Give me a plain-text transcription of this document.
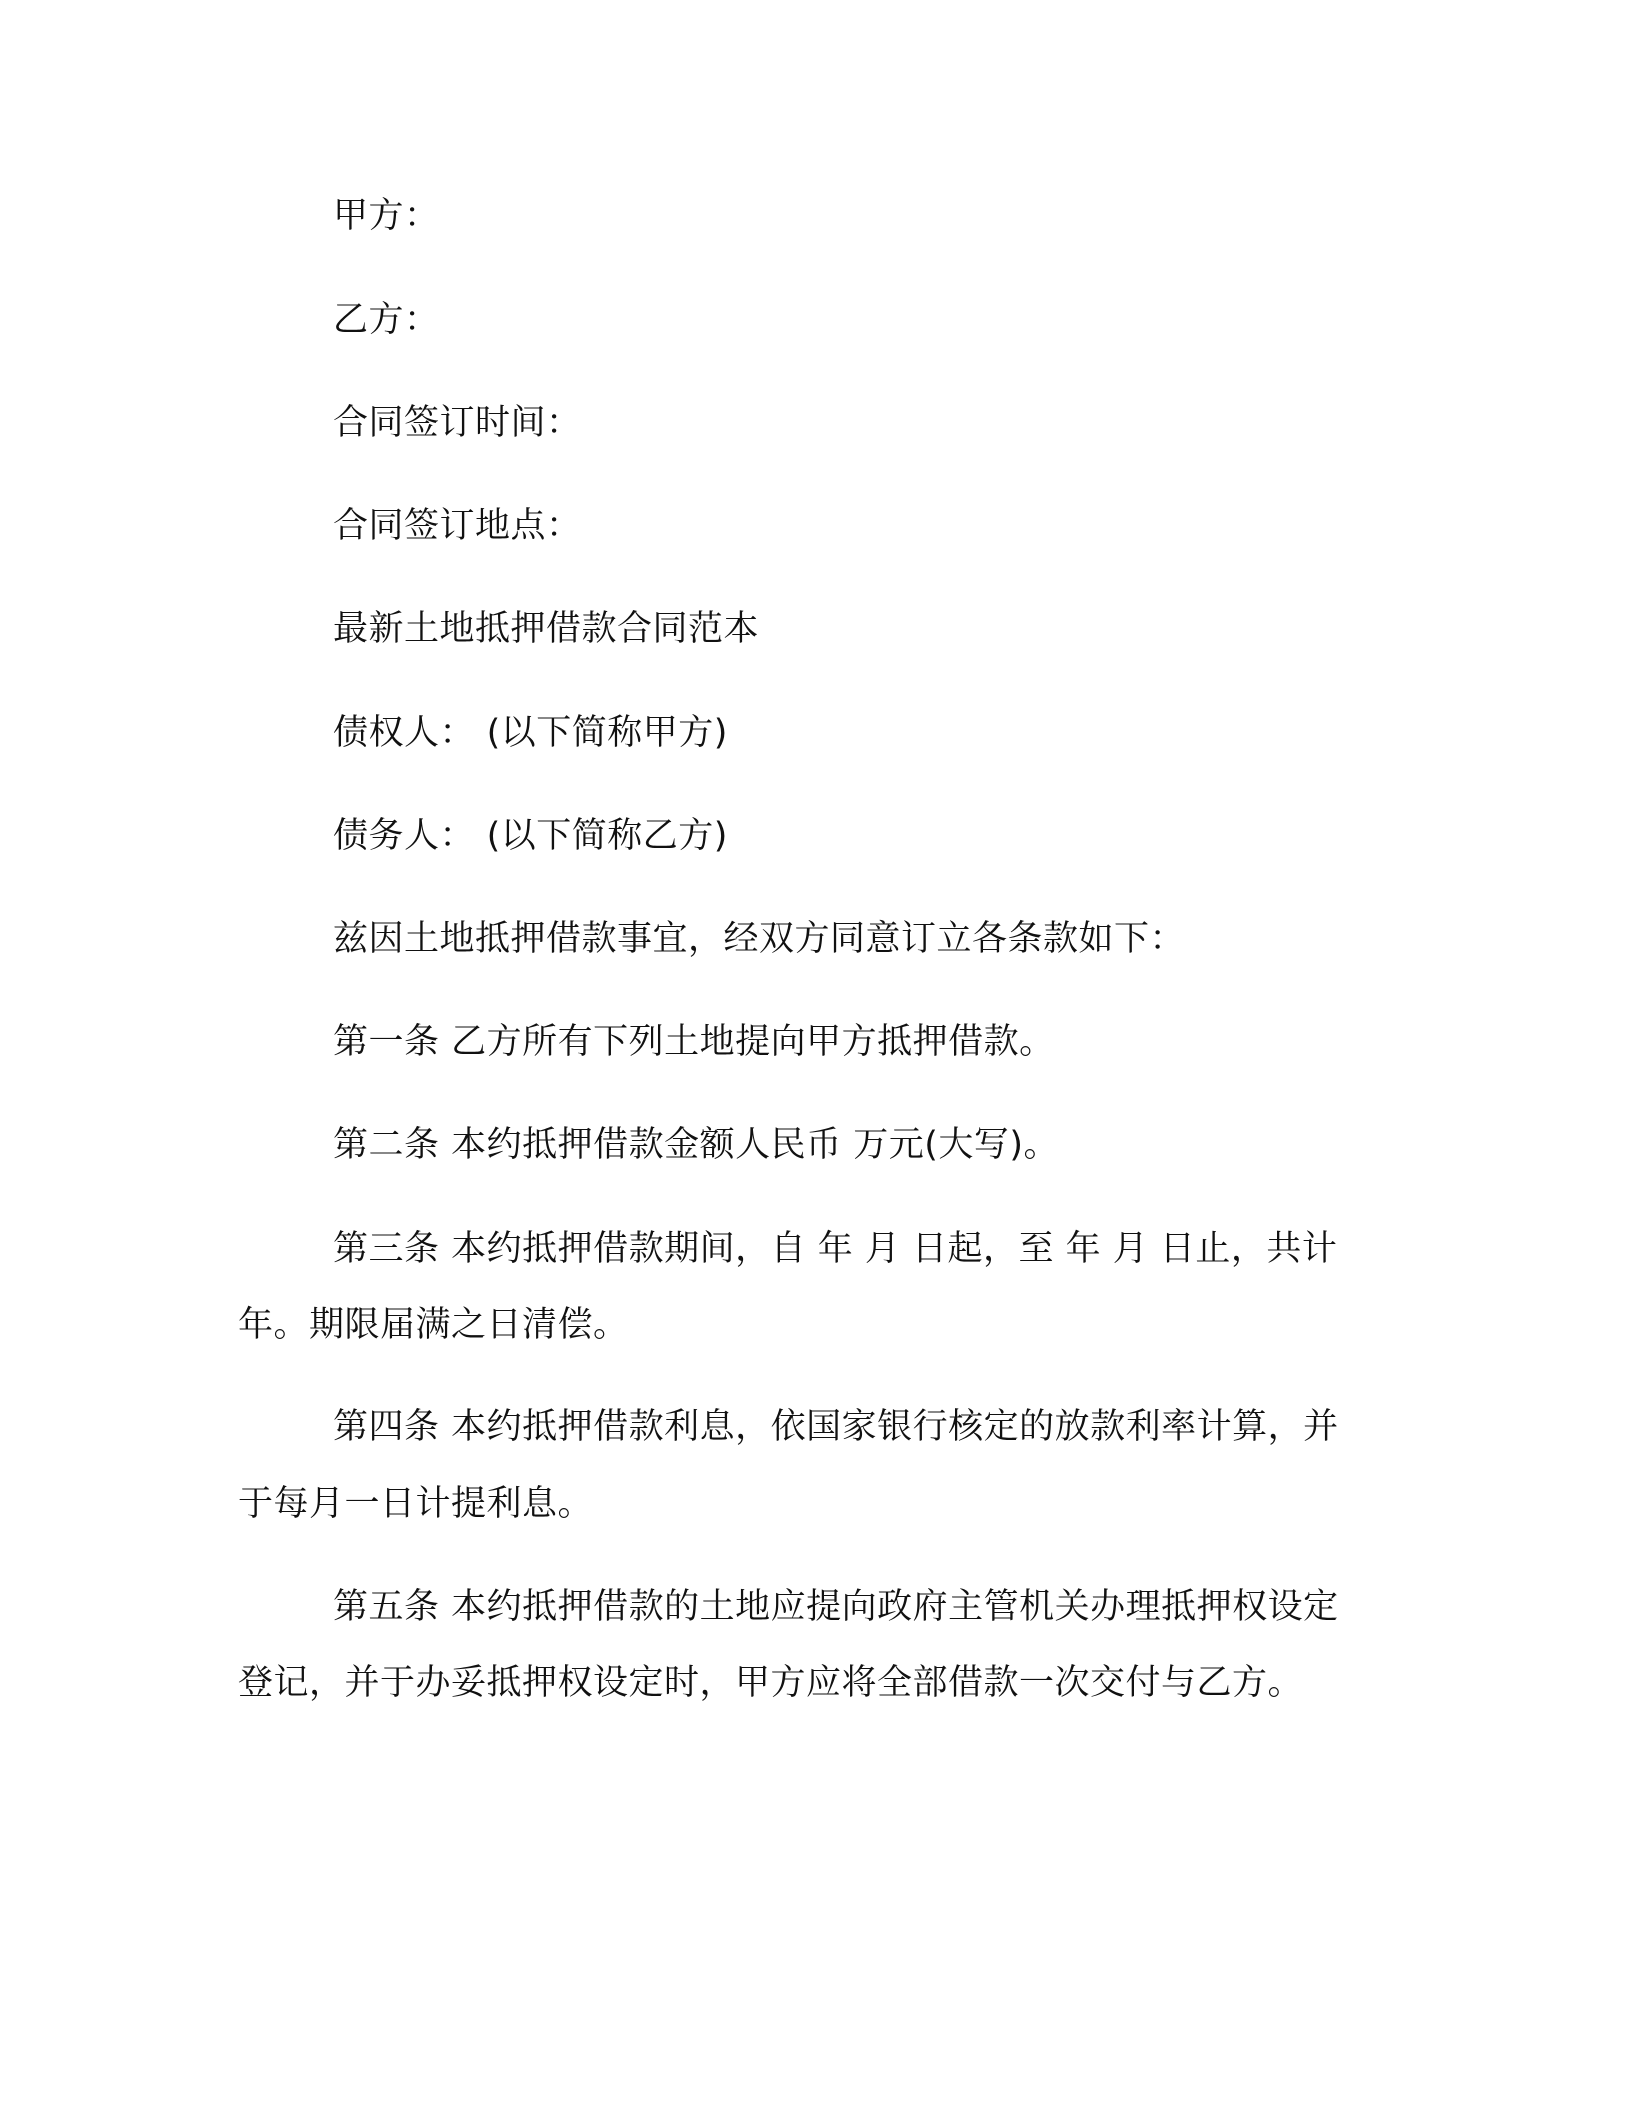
甲方：
乙方：
合同签订时间：
合同签订地点：
最新土地抵押借款合同范本
债权人： (以下简称甲方)
债务人： (以下简称乙方)
兹因土地抵押借款事宜，经双方同意订立各条款如下：
第一条 乙方所有下列土地提向甲方抵押借款。
第二条 本约抵押借款金额人民币 万元(大写)。
第三条 本约抵押借款期间，自 年 月 日起，至 年 月 日止，共计
年。期限届满之日清偿。
第四条 本约抵押借款利息，依国家银行核定的放款利率计算，并
于每月一日计提利息。
第五条 本约抵押借款的土地应提向政府主管机关办理抵押权设定
登记，并于办妥抵押权设定时，甲方应将全部借款一次交付与乙方。
